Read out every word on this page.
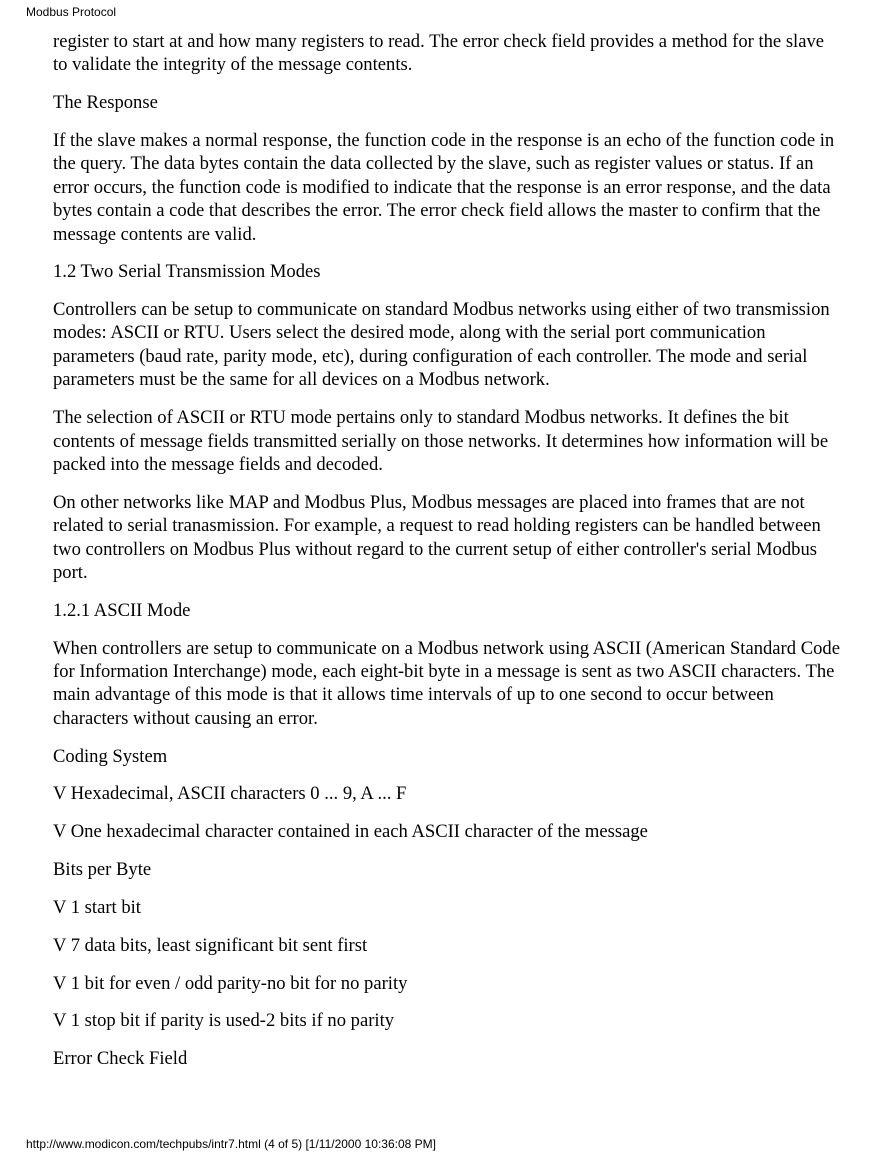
Modbus Protocol

register to start at and how many registers to read. The error check field provides a method for the slave to validate the integrity of the message contents.

The Response

If the slave makes a normal response, the function code in the response is an echo of the function code in the query. The data bytes contain the data collected by the slave, such as register values or status. If an error occurs, the function code is modified to indicate that the response is an error response, and the data bytes contain a code that describes the error. The error check field allows the master to confirm that the message contents are valid.

1.2 Two Serial Transmission Modes

Controllers can be setup to communicate on standard Modbus networks using either of two transmission modes: ASCII or RTU. Users select the desired mode, along with the serial port communication parameters (baud rate, parity mode, etc), during configuration of each controller. The mode and serial parameters must be the same for all devices on a Modbus network.

The selection of ASCII or RTU mode pertains only to standard Modbus networks. It defines the bit contents of message fields transmitted serially on those networks. It determines how information will be packed into the message fields and decoded.

On other networks like MAP and Modbus Plus, Modbus messages are placed into frames that are not related to serial tranasmission. For example, a request to read holding registers can be handled between two controllers on Modbus Plus without regard to the current setup of either controller's serial Modbus port.

1.2.1 ASCII Mode

When controllers are setup to communicate on a Modbus network using ASCII (American Standard Code for Information Interchange) mode, each eight-bit byte in a message is sent as two ASCII characters. The main advantage of this mode is that it allows time intervals of up to one second to occur between characters without causing an error.

Coding System

V Hexadecimal, ASCII characters 0 ... 9, A ... F

V One hexadecimal character contained in each ASCII character of the message

Bits per Byte

V 1 start bit

V 7 data bits, least significant bit sent first

V 1 bit for even / odd parity-no bit for no parity

V 1 stop bit if parity is used-2 bits if no parity

Error Check Field

http://www.modicon.com/techpubs/intr7.html (4 of 5) [1/11/2000 10:36:08 PM]
